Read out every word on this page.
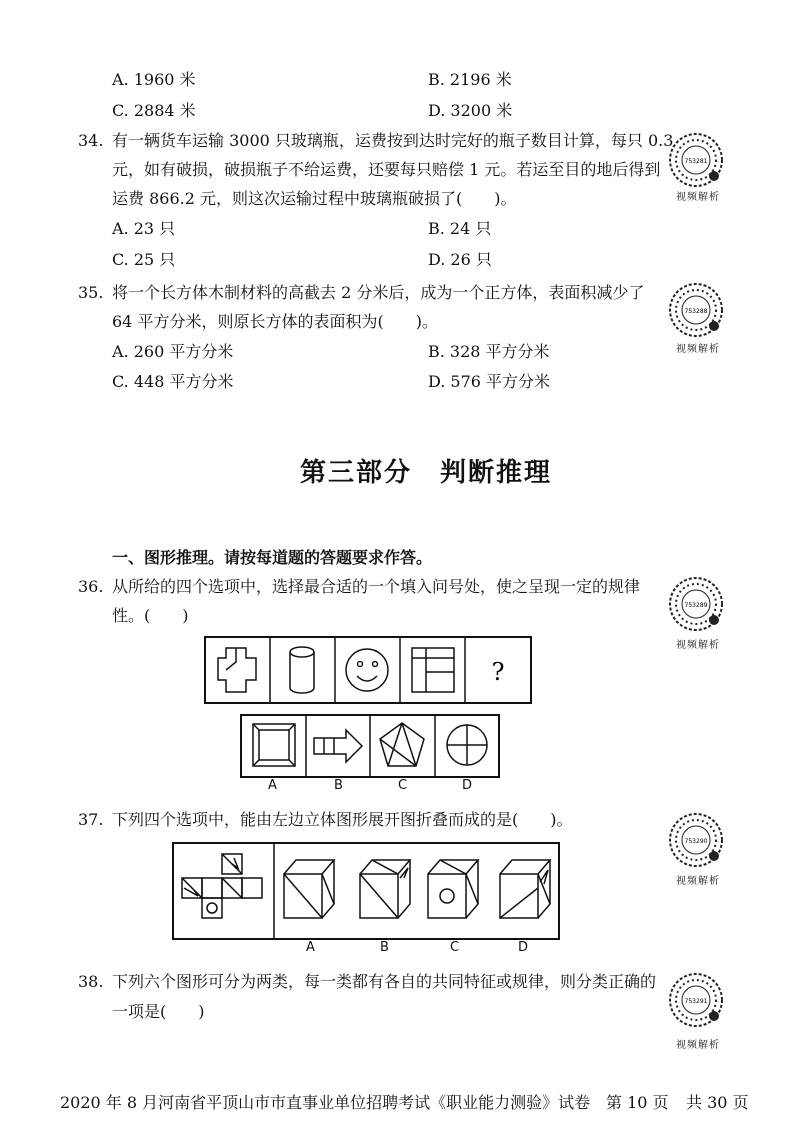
A. 1960 米	B. 2196 米
C. 2884 米	D. 3200 米
34. 有一辆货车运输 3000 只玻璃瓶，运费按到达时完好的瓶子数目计算，每只 0.3
元，如有破损，破损瓶子不给运费，还要每只赔偿 1 元。若运至目的地后得到
运费 866.2 元，则这次运输过程中玻璃瓶破损了(　　)。
A. 23 只	B. 24 只
C. 25 只	D. 26 只
753281
视频解析
35. 将一个长方体木制材料的高截去 2 分米后，成为一个正方体，表面积减少了
64 平方分米，则原长方体的表面积为(　　)。
A. 260 平方分米	B. 328 平方分米
C. 448 平方分米	D. 576 平方分米
753288
视频解析
第三部分　判断推理
一、图形推理。请按每道题的答题要求作答。
36. 从所给的四个选项中，选择最合适的一个填入问号处，使之呈现一定的规律
性。(　　)
753289
视频解析
?
A	B	C	D
37. 下列四个选项中，能由左边立体图形展开图折叠而成的是(　　)。
753290
视频解析
A	B	C	D
38. 下列六个图形可分为两类，每一类都有各自的共同特征或规律，则分类正确的
一项是(　　)
753291
视频解析
2020 年 8 月河南省平顶山市市直事业单位招聘考试《职业能力测验》试卷 第 10 页 共 30 页
